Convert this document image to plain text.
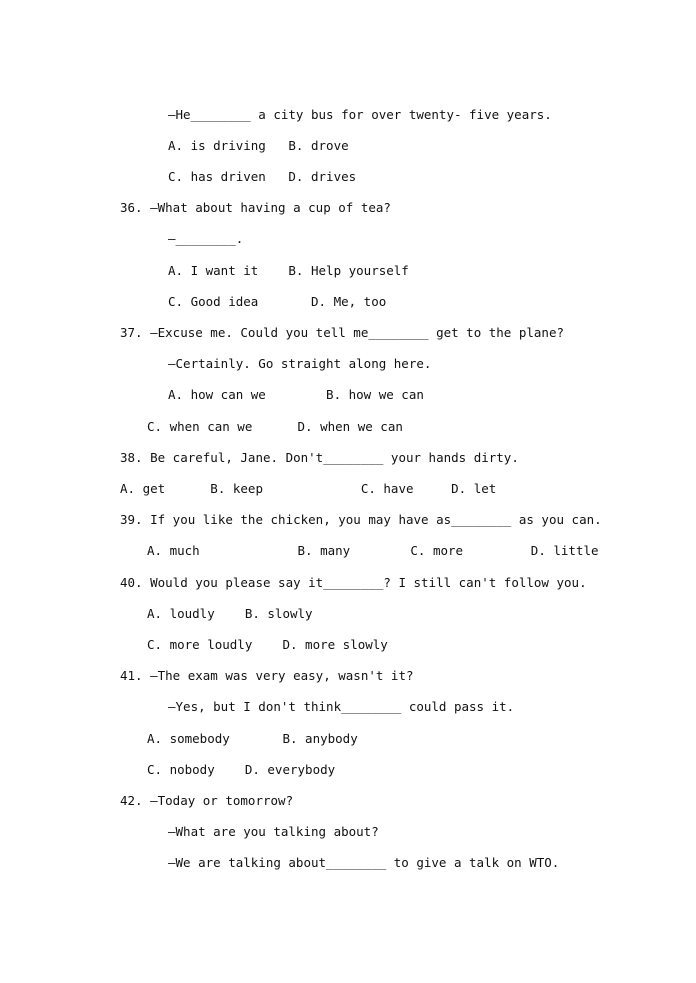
—He________ a city bus for over twenty- five years.
A. is driving   B. drove
C. has driven   D. drives
36. —What about having a cup of tea?
—________.
A. I want it    B. Help yourself
C. Good idea       D. Me, too
37. —Excuse me. Could you tell me________ get to the plane?
—Certainly. Go straight along here.
A. how can we        B. how we can
C. when can we      D. when we can
38. Be careful, Jane. Don't________ your hands dirty.
A. get      B. keep             C. have     D. let
39. If you like the chicken, you may have as________ as you can.
A. much             B. many        C. more         D. little
40. Would you please say it________? I still can't follow you.
A. loudly    B. slowly
C. more loudly    D. more slowly
41. —The exam was very easy, wasn't it?
—Yes, but I don't think________ could pass it.
A. somebody       B. anybody
C. nobody    D. everybody
42. —Today or tomorrow?
—What are you talking about?
—We are talking about________ to give a talk on WTO.
